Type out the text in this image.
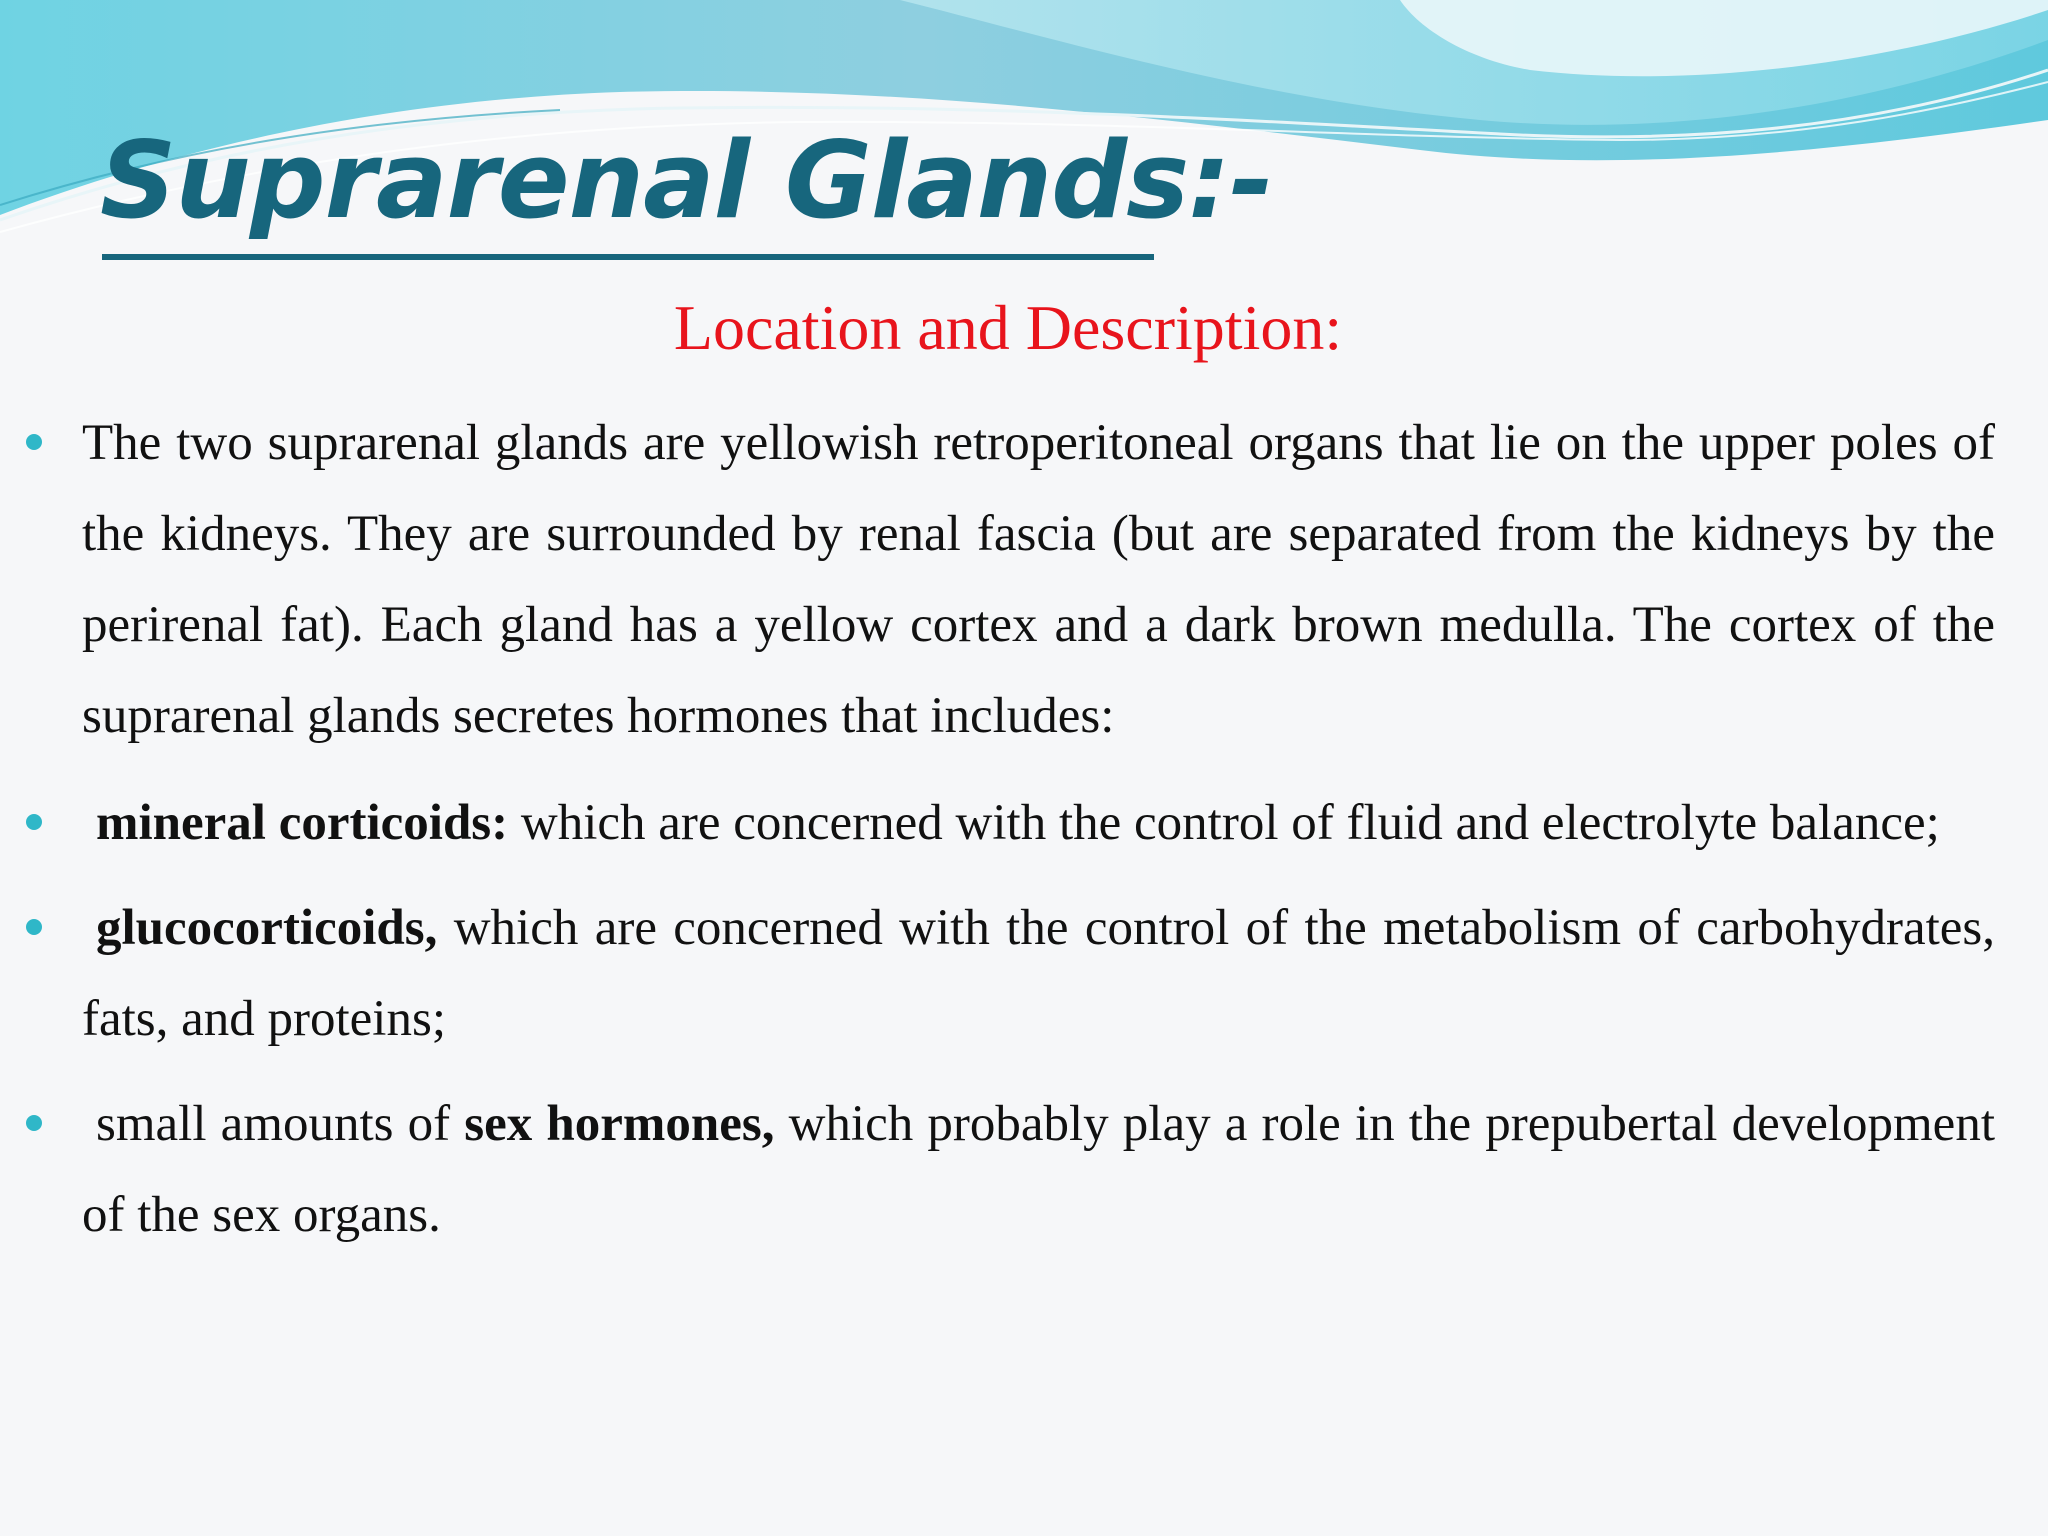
Suprarenal Glands:-
Location and Description:
The two suprarenal glands are yellowish retroperitoneal organs that lie on the upper poles of the kidneys. They are surrounded by renal fascia (but are separated from the kidneys by the perirenal fat). Each gland has a yellow cortex and a dark brown medulla. The cortex of the suprarenal glands secretes hormones that includes:
mineral corticoids: which are concerned with the control of fluid and electrolyte balance;
glucocorticoids, which are concerned with the control of the metabolism of carbohydrates, fats, and proteins;
small amounts of sex hormones, which probably play a role in the prepubertal development of the sex organs.
